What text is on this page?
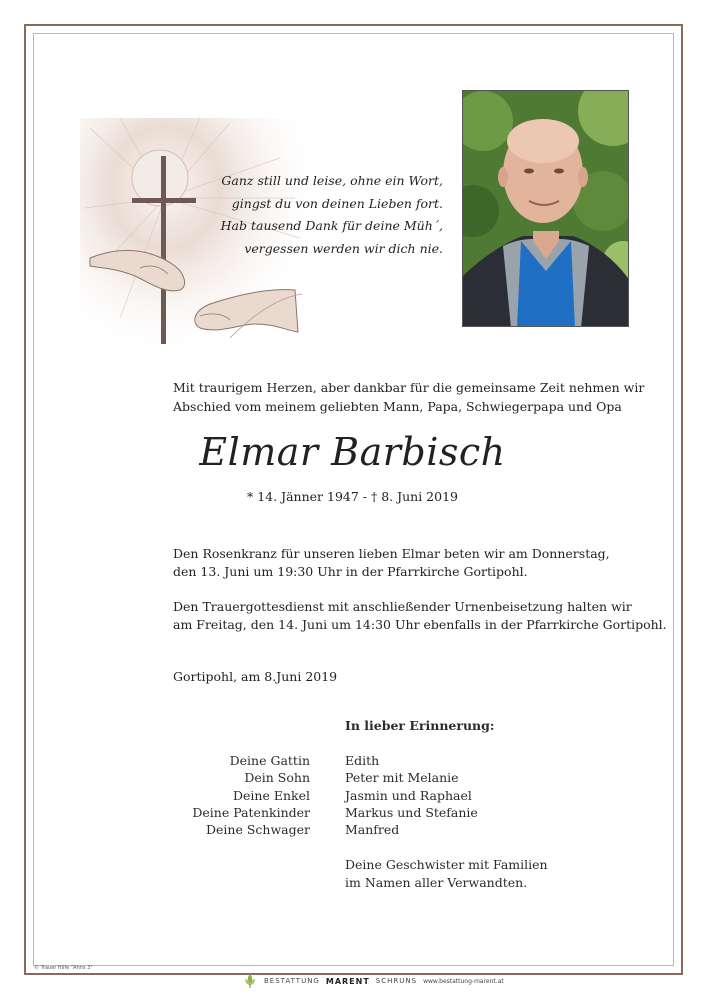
Ganz still und leise, ohne ein Wort,
gingst du von deinen Lieben fort.
Hab tausend Dank für deine Müh´,
vergessen werden wir dich nie.
Mit traurigem Herzen, aber dankbar für die gemeinsame Zeit nehmen wir
Abschied vom meinem geliebten Mann, Papa, Schwiegerpapa und Opa
Elmar Barbisch
* 14. Jänner 1947 - † 8. Juni 2019
Den Rosenkranz für unseren lieben Elmar beten wir am Donnerstag,
den 13. Juni um 19:30 Uhr in der Pfarrkirche Gortipohl.
Den Trauergottesdienst mit anschließender Urnenbeisetzung halten wir
am Freitag, den 14. Juni um 14:30 Uhr ebenfalls in der Pfarrkirche Gortipohl.
Gortipohl, am 8.Juni 2019
In lieber Erinnerung:
Deine Gattin	Edith
Dein Sohn	Peter mit Melanie
Deine Enkel	Jasmin und Raphael
Deine Patenkinder	Markus und Stefanie
Deine Schwager	Manfred
Deine Geschwister mit Familien
im Namen aller Verwandten.
© Trauer Hilfe "Ahns 3"
BESTATTUNG MARENT SCHRUNS www.bestattung-marent.at
